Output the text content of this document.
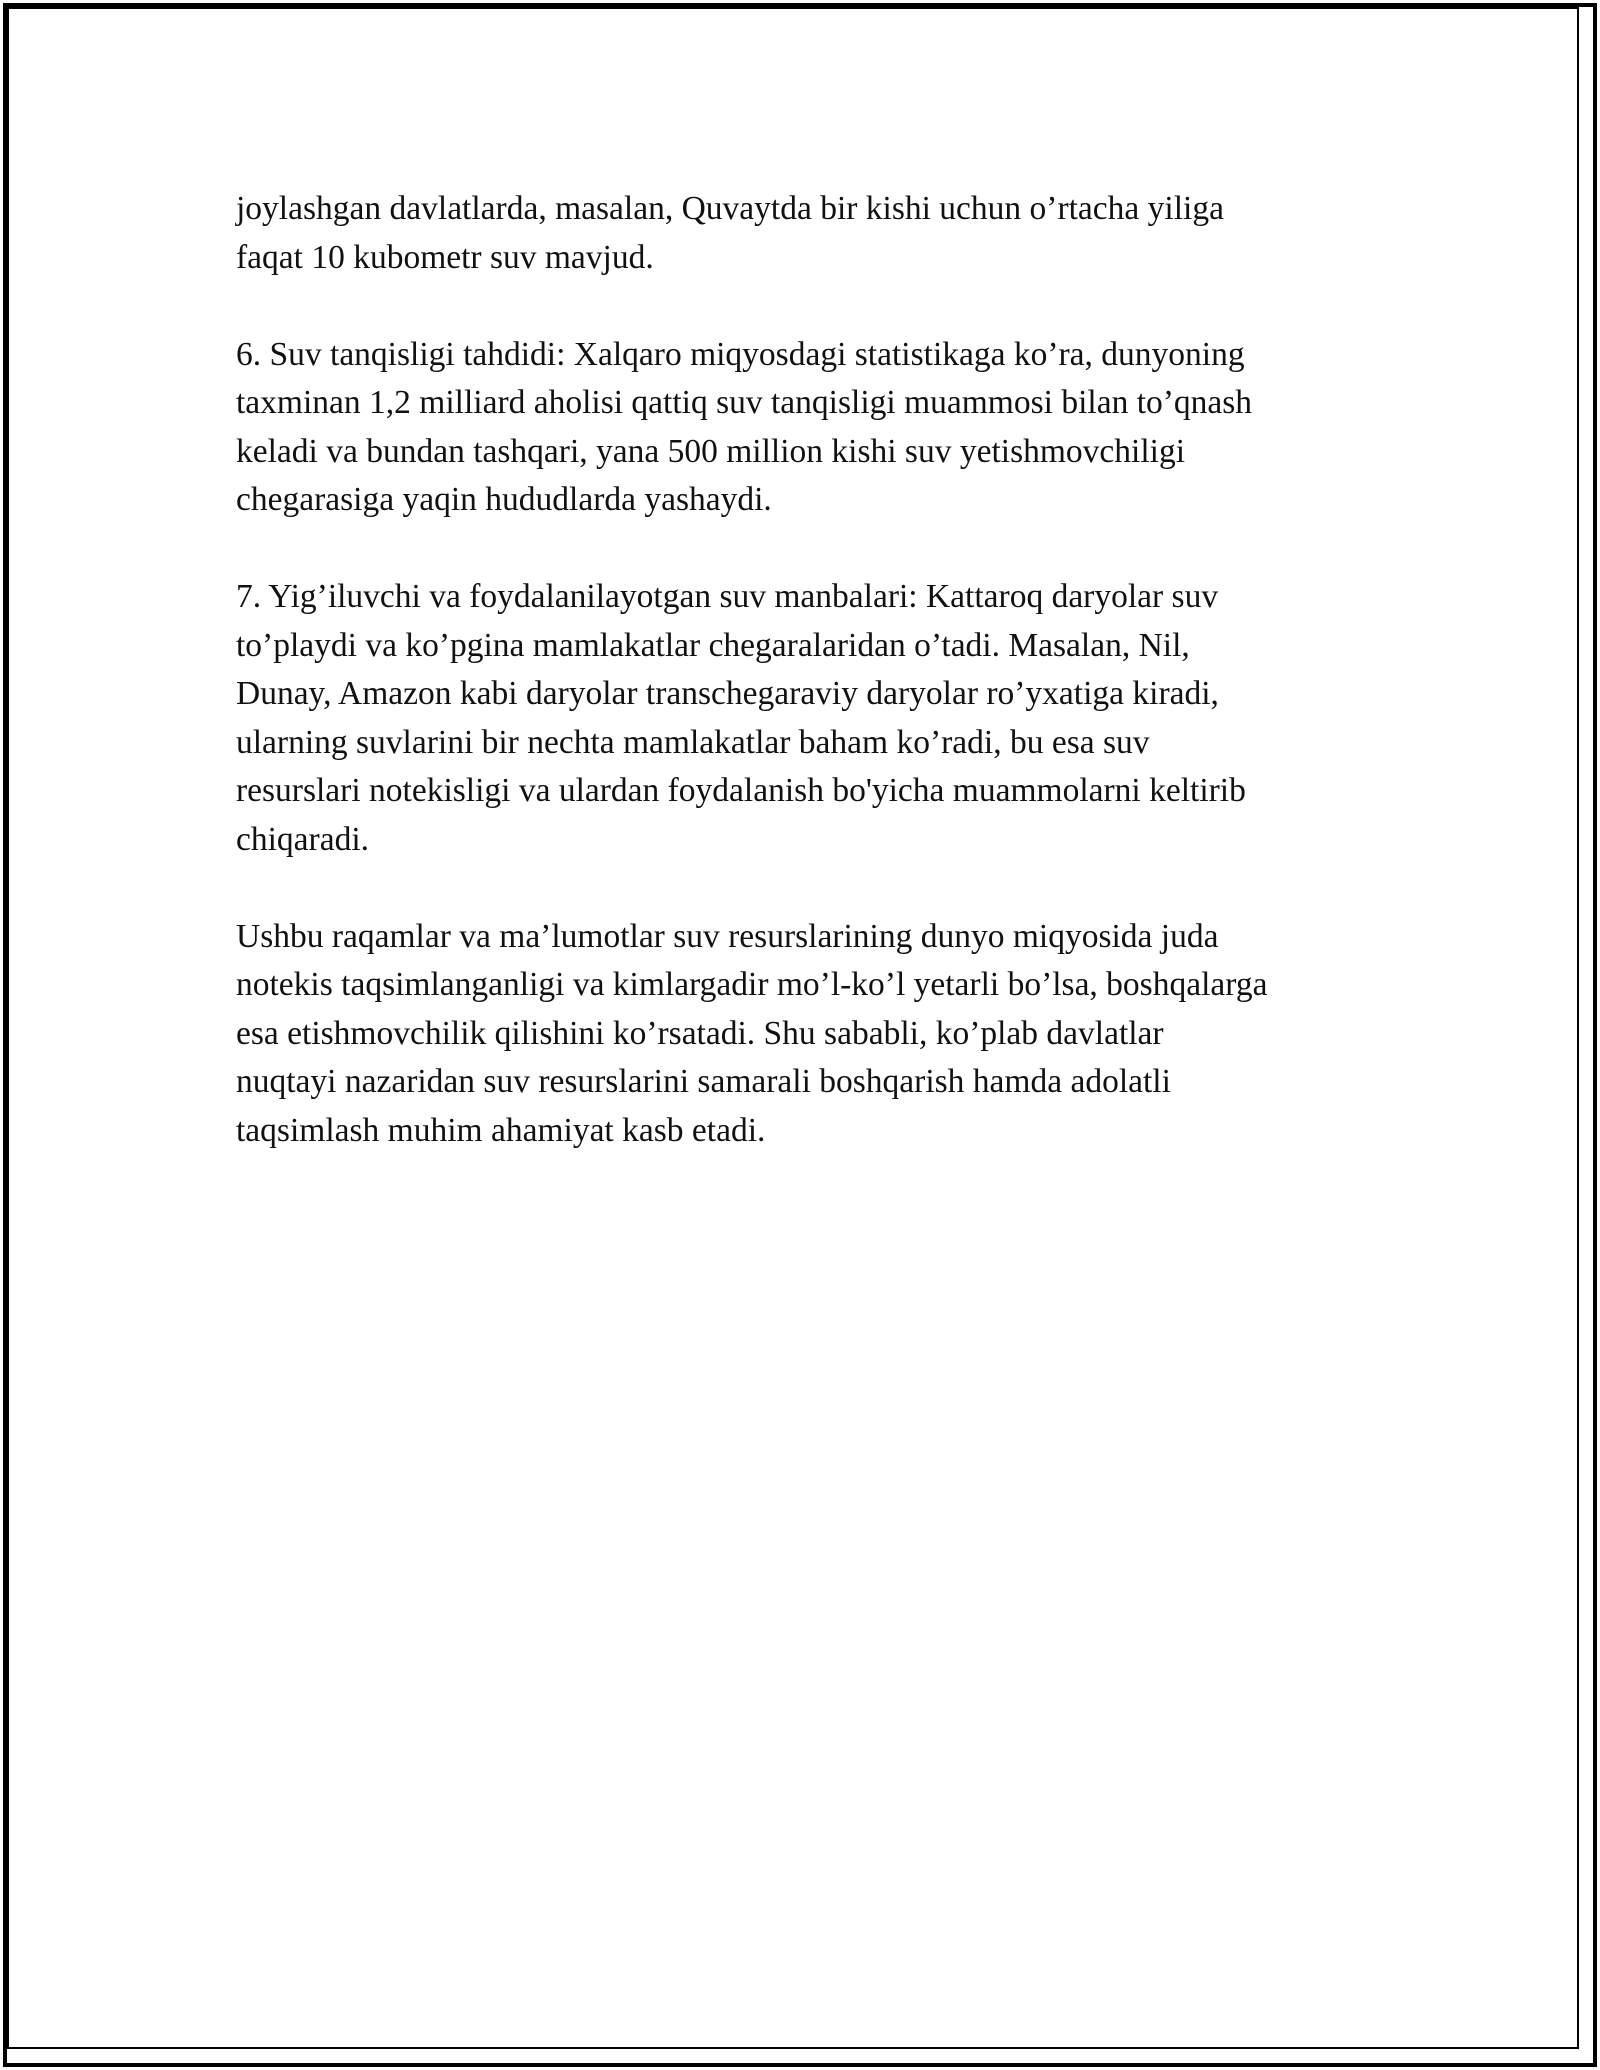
joylashgan davlatlarda, masalan, Quvaytda bir kishi uchun o’rtacha yiliga
faqat 10 kubometr suv mavjud.

6. Suv tanqisligi tahdidi: Xalqaro miqyosdagi statistikaga ko’ra, dunyoning
taxminan 1,2 milliard aholisi qattiq suv tanqisligi muammosi bilan to’qnash
keladi va bundan tashqari, yana 500 million kishi suv yetishmovchiligi
chegarasiga yaqin hududlarda yashaydi.

7. Yig’iluvchi va foydalanilayotgan suv manbalari: Kattaroq daryolar suv
to’playdi va ko’pgina mamlakatlar chegaralaridan o’tadi. Masalan, Nil,
Dunay, Amazon kabi daryolar transchegaraviy daryolar ro’yxatiga kiradi,
ularning suvlarini bir nechta mamlakatlar baham ko’radi, bu esa suv
resurslari notekisligi va ulardan foydalanish bo'yicha muammolarni keltirib
chiqaradi.

Ushbu raqamlar va ma’lumotlar suv resurslarining dunyo miqyosida juda
notekis taqsimlanganligi va kimlargadir mo’l-ko’l yetarli bo’lsa, boshqalarga
esa etishmovchilik qilishini ko’rsatadi. Shu sababli, ko’plab davlatlar
nuqtayi nazaridan suv resurslarini samarali boshqarish hamda adolatli
taqsimlash muhim ahamiyat kasb etadi.
